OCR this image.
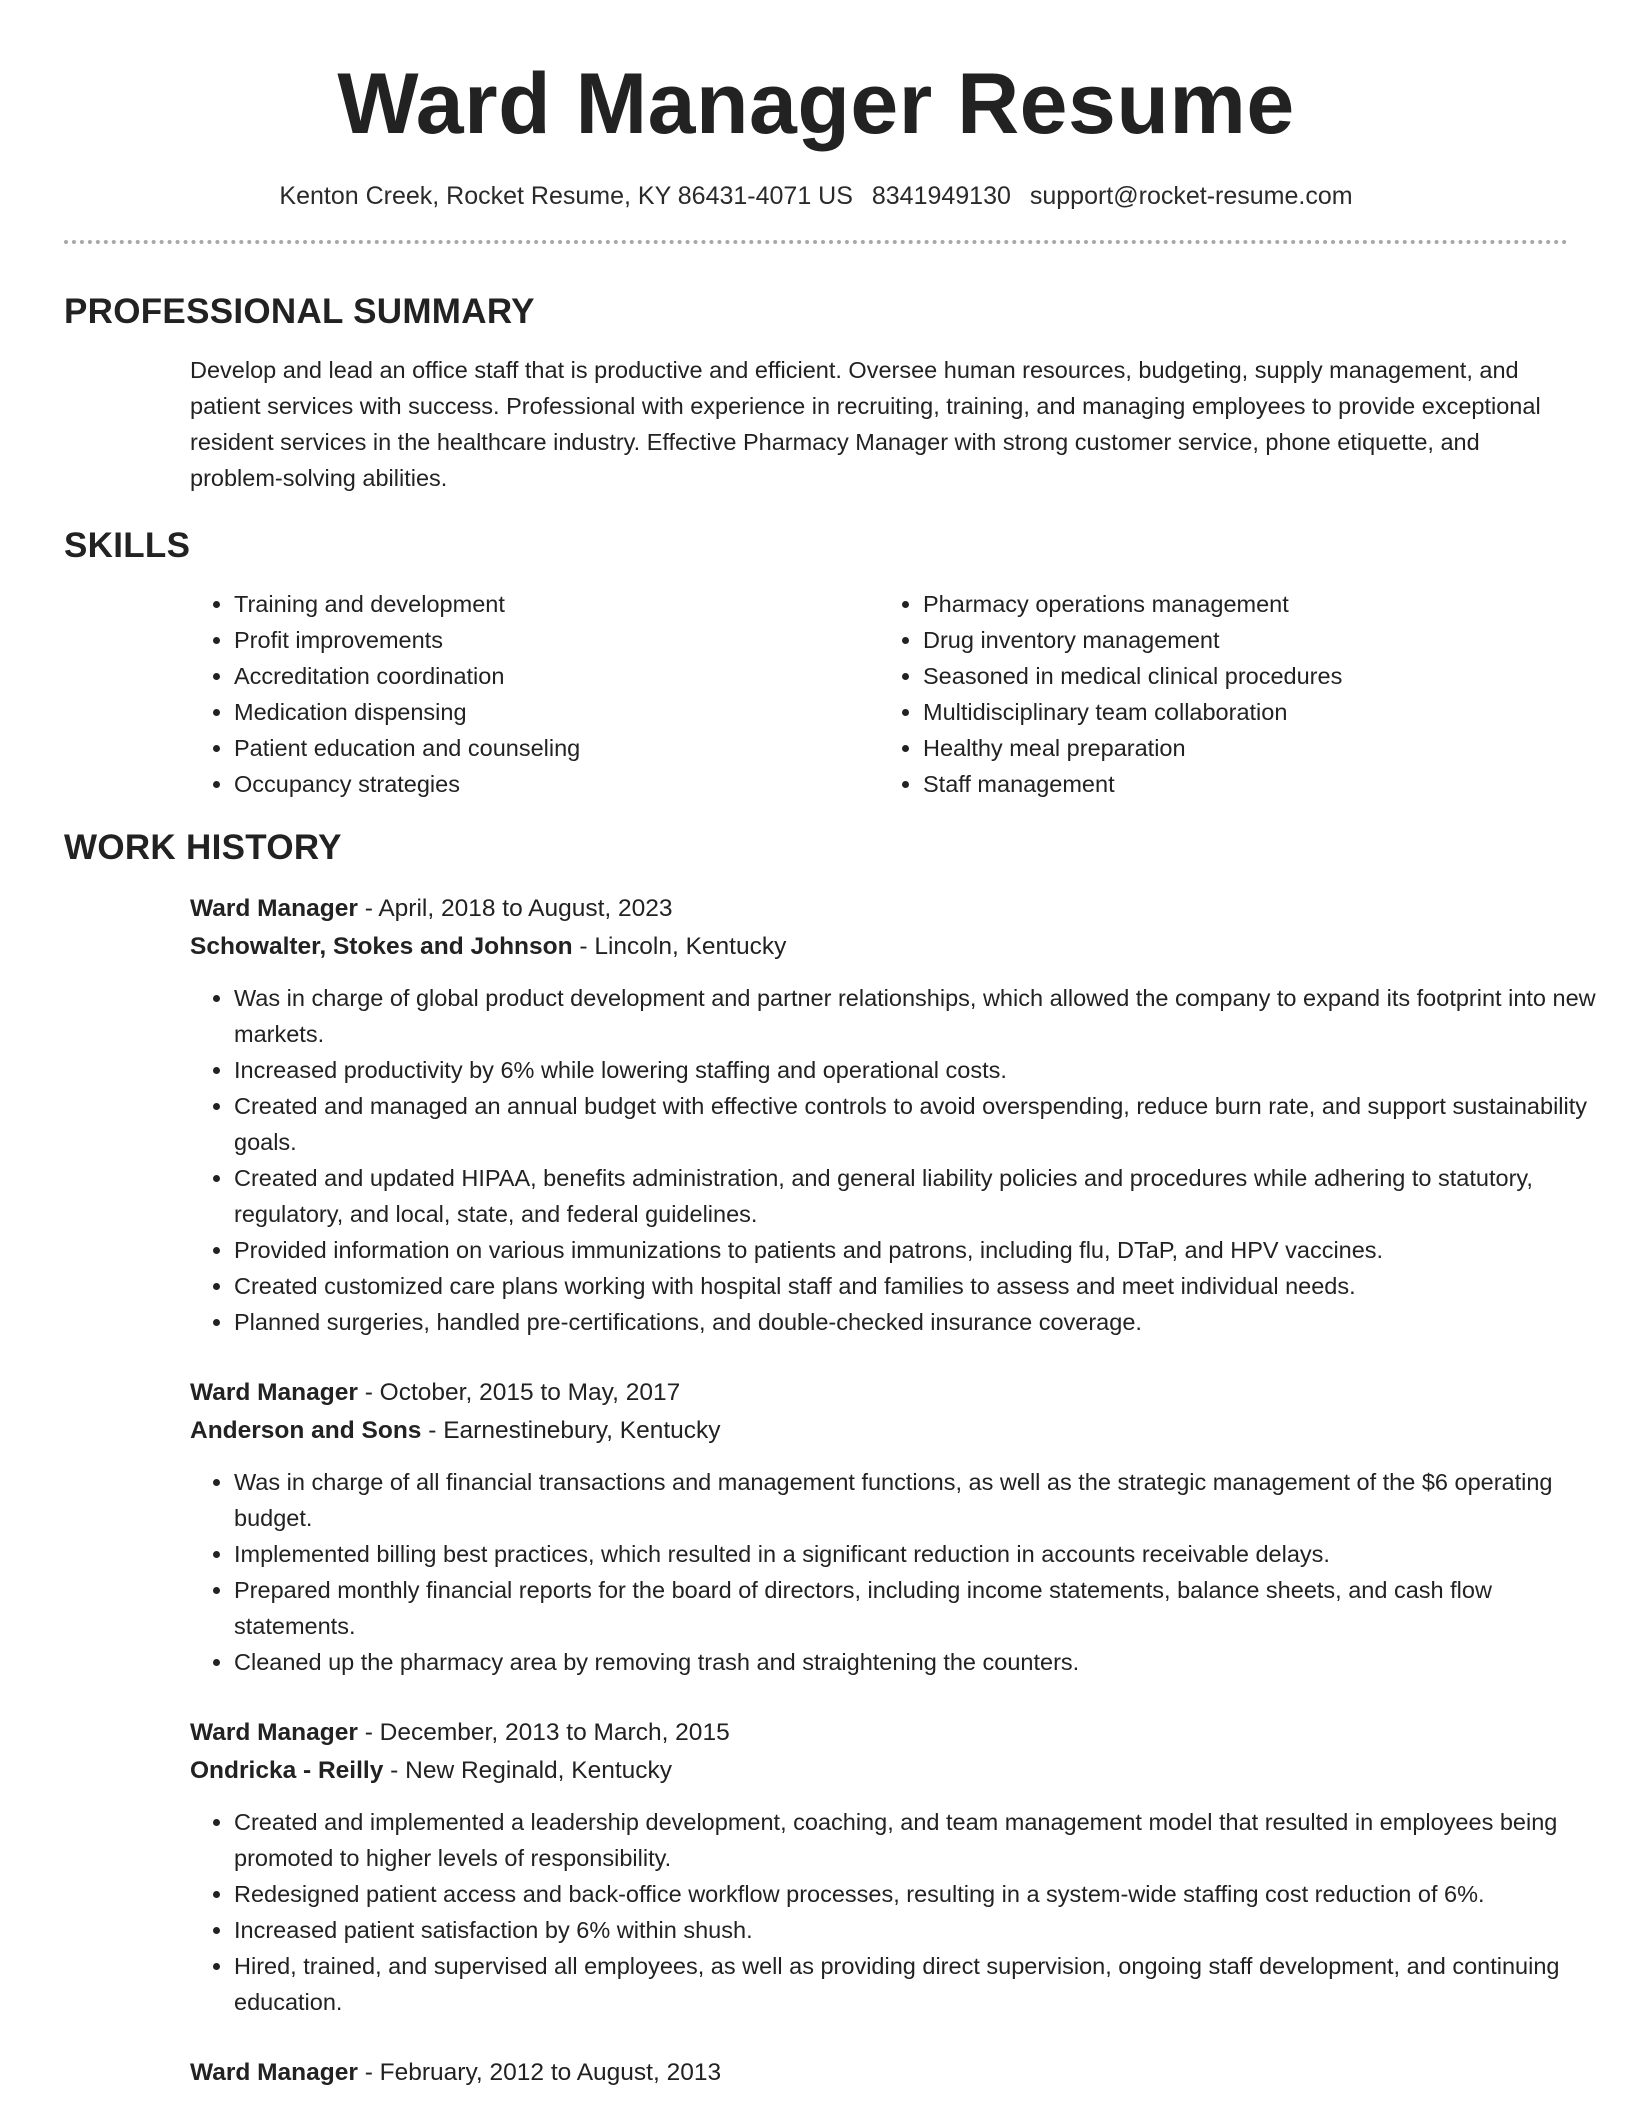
Ward Manager Resume
Kenton Creek, Rocket Resume, KY 86431-4071 US 8341949130 support@rocket-resume.com
PROFESSIONAL SUMMARY

Develop and lead an office staff that is productive and efficient. Oversee human resources, budgeting, supply management, and patient services with success. Professional with experience in recruiting, training, and managing employees to provide exceptional resident services in the healthcare industry. Effective Pharmacy Manager with strong customer service, phone etiquette, and problem-solving abilities.

SKILLS
• Training and development
• Profit improvements
• Accreditation coordination
• Medication dispensing
• Patient education and counseling
• Occupancy strategies
• Pharmacy operations management
• Drug inventory management
• Seasoned in medical clinical procedures
• Multidisciplinary team collaboration
• Healthy meal preparation
• Staff management
WORK HISTORY
Ward Manager - April, 2018 to August, 2023
Schowalter, Stokes and Johnson - Lincoln, Kentucky
• Was in charge of global product development and partner relationships, which allowed the company to expand its footprint into new markets.
• Increased productivity by 6% while lowering staffing and operational costs.
• Created and managed an annual budget with effective controls to avoid overspending, reduce burn rate, and support sustainability goals.
• Created and updated HIPAA, benefits administration, and general liability policies and procedures while adhering to statutory, regulatory, and local, state, and federal guidelines.
• Provided information on various immunizations to patients and patrons, including flu, DTaP, and HPV vaccines.
• Created customized care plans working with hospital staff and families to assess and meet individual needs.
• Planned surgeries, handled pre-certifications, and double-checked insurance coverage.
Ward Manager - October, 2015 to May, 2017
Anderson and Sons - Earnestinebury, Kentucky
• Was in charge of all financial transactions and management functions, as well as the strategic management of the $6 operating budget.
• Implemented billing best practices, which resulted in a significant reduction in accounts receivable delays.
• Prepared monthly financial reports for the board of directors, including income statements, balance sheets, and cash flow statements.
• Cleaned up the pharmacy area by removing trash and straightening the counters.
Ward Manager - December, 2013 to March, 2015
Ondricka - Reilly - New Reginald, Kentucky
• Created and implemented a leadership development, coaching, and team management model that resulted in employees being promoted to higher levels of responsibility.
• Redesigned patient access and back-office workflow processes, resulting in a system-wide staffing cost reduction of 6%.
• Increased patient satisfaction by 6% within shush.
• Hired, trained, and supervised all employees, as well as providing direct supervision, ongoing staff development, and continuing education.
Ward Manager - February, 2012 to August, 2013
